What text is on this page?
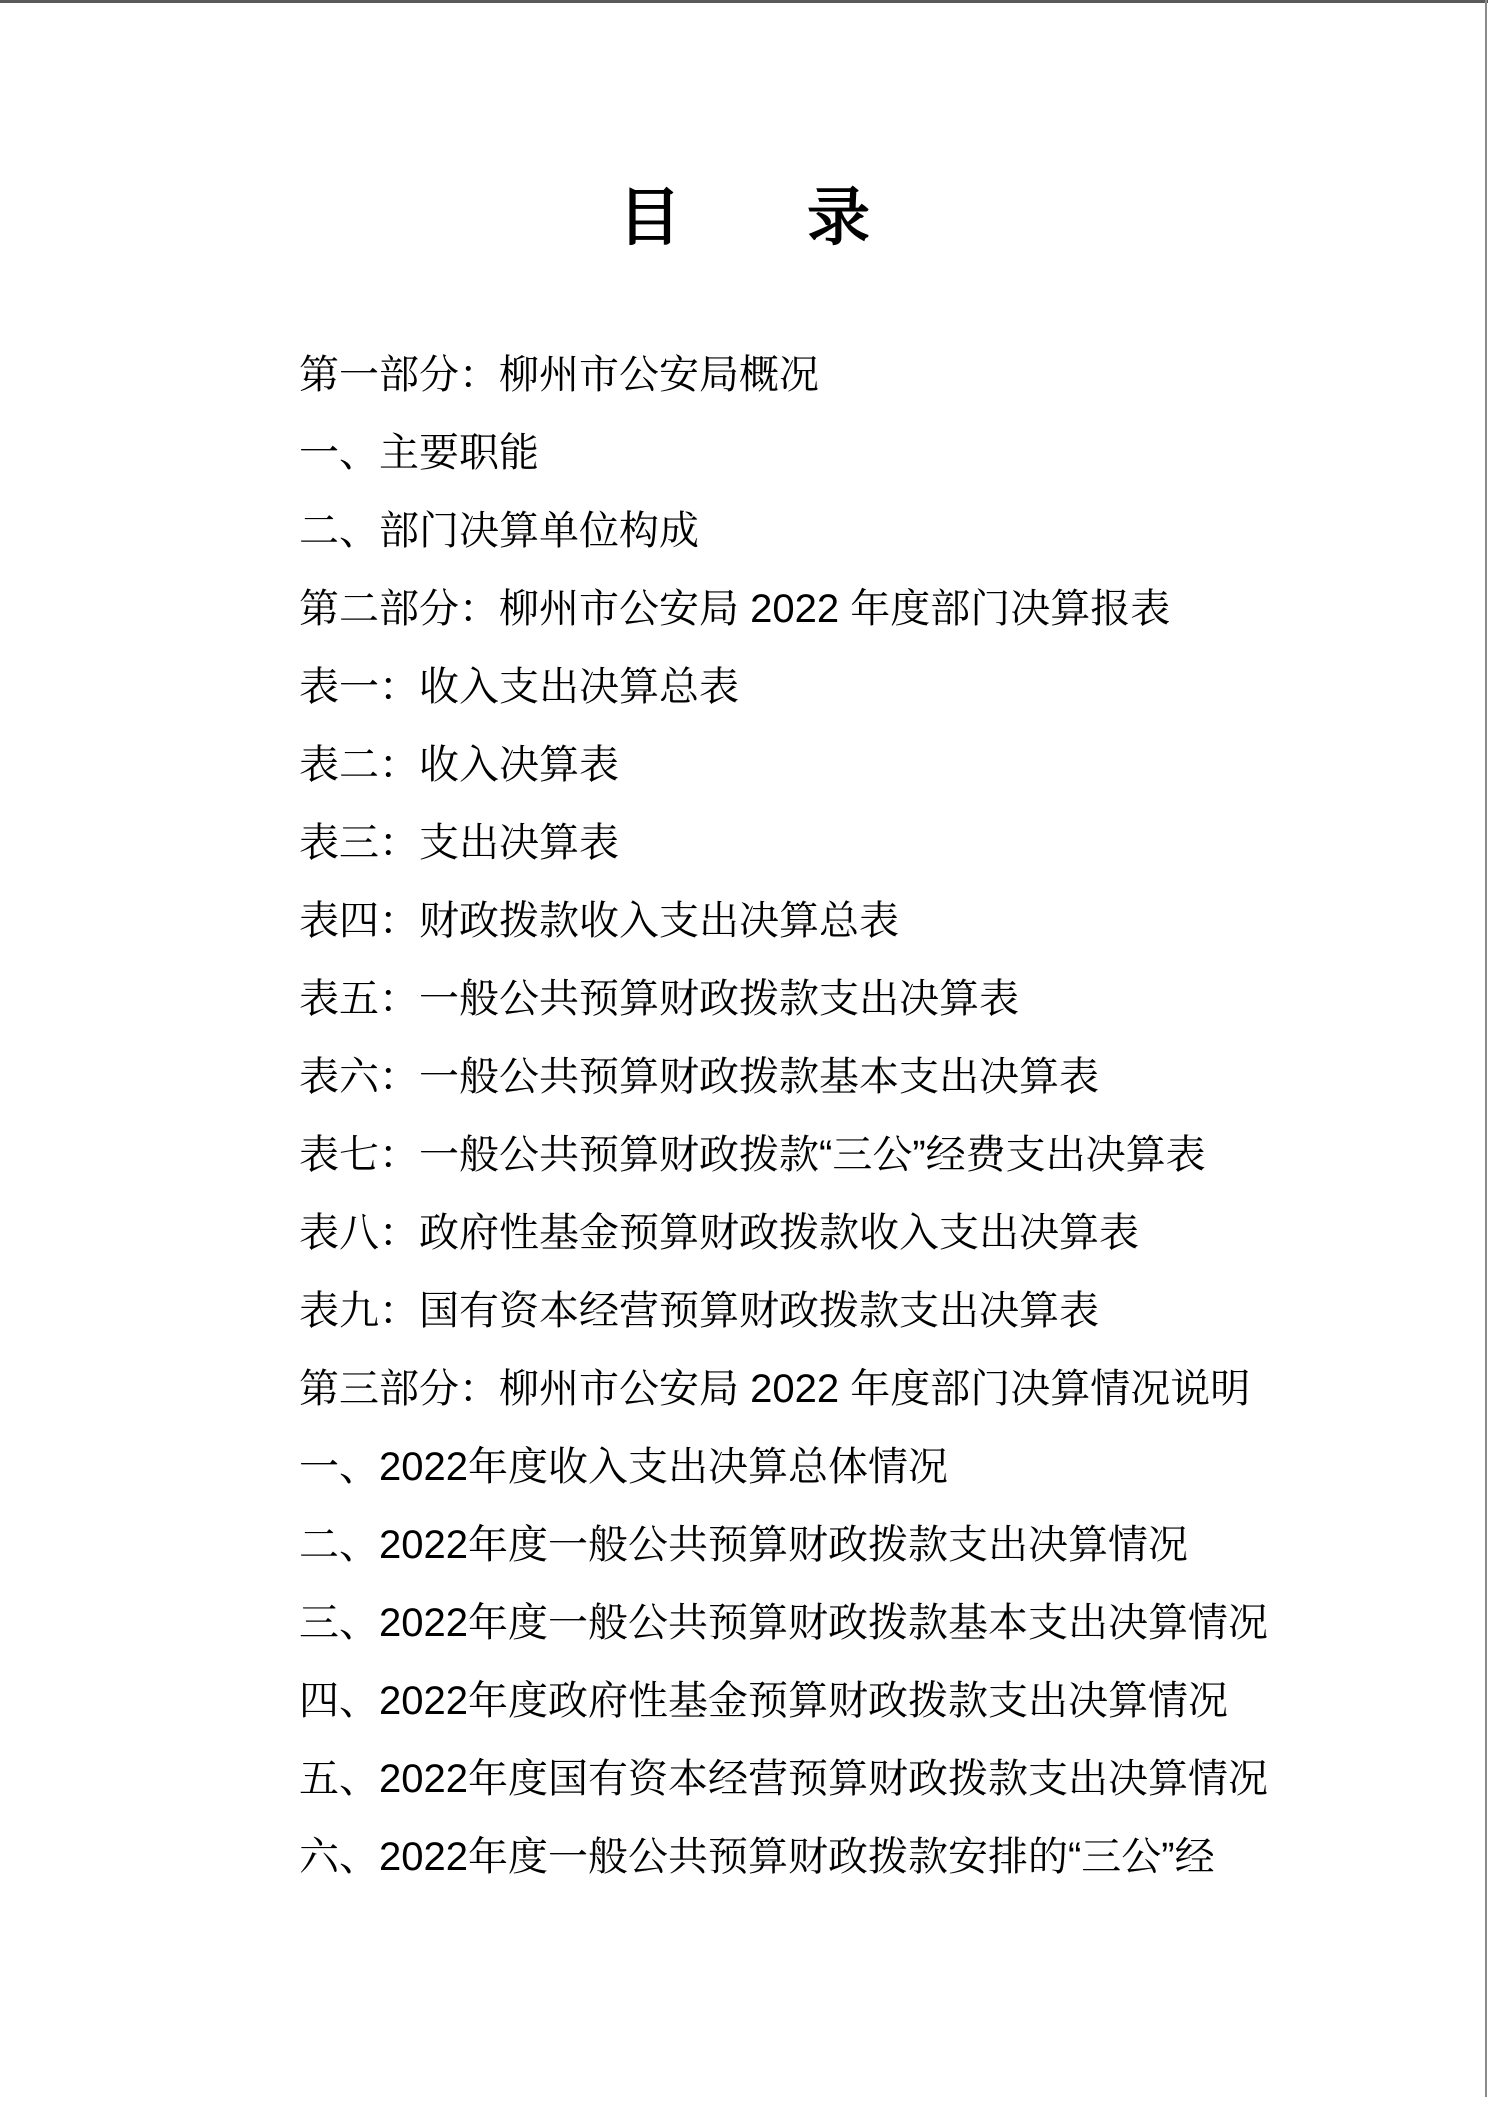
目　　录
第一部分：柳州市公安局概况
一、主要职能
二、部门决算单位构成
第二部分：柳州市公安局 2022 年度部门决算报表
表一：收入支出决算总表
表二：收入决算表
表三：支出决算表
表四：财政拨款收入支出决算总表
表五：一般公共预算财政拨款支出决算表
表六：一般公共预算财政拨款基本支出决算表
表七：一般公共预算财政拨款“三公”经费支出决算表
表八：政府性基金预算财政拨款收入支出决算表
表九：国有资本经营预算财政拨款支出决算表
第三部分：柳州市公安局 2022 年度部门决算情况说明
一、2022年度收入支出决算总体情况
二、2022年度一般公共预算财政拨款支出决算情况
三、2022年度一般公共预算财政拨款基本支出决算情况
四、2022年度政府性基金预算财政拨款支出决算情况
五、2022年度国有资本经营预算财政拨款支出决算情况
六、2022年度一般公共预算财政拨款安排的“三公”经
